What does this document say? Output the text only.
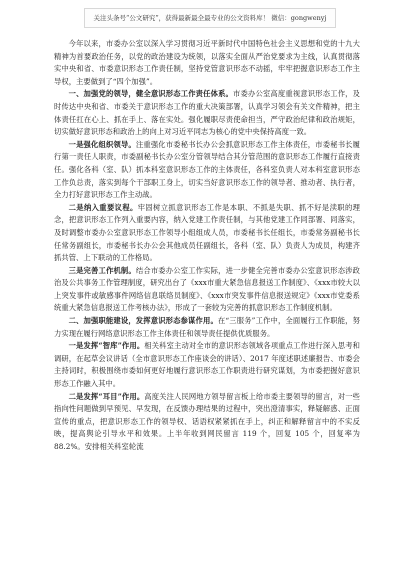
关注头条号“公文研究”，获得最新最全最专业的公文资料库！ 微信：gongwenyj

今年以来，市委办公室以深入学习贯彻习近平新时代中国特色社会主义思想和党的十九大精神为首要政治任务，以党的政治建设为统领，以落实全面从严治党要求为主线，认真贯彻落实中央和省、市委意识形态工作责任制，坚持党管意识形态不动摇，牢牢把握意识形态工作主导权，主要做到了“四个加强”。

一、加强党的领导，健全意识形态工作责任体系。市委办公室高度重视意识形态工作，及时传达中央和省、市委关于意识形态工作的重大决策部署，认真学习领会有关文件精神，把主体责任扛在心上、抓在手上、落在实处。强化履职尽责使命担当，严守政治纪律和政治规矩，切实做好意识形态和政治上的向上对习近平同志为核心的党中央保持高度一致。

一是强化组织领导。注重强化市委秘书长办公会抓意识形态工作主体责任，市委秘书长履行第一责任人职责，市委副秘书长办公室分管领导结合其分管范围的意识形态工作履行直接责任。强化各科（室、队）抓本科室意识形态工作的主体责任，各科室负责人对本科室意识形态工作负总责，落实到每个干部职工身上，切实当好意识形态工作的领导者、推动者、执行者，全力打好意识形态工作主动战。

二是纳入重要议程。牢固树立抓意识形态工作是本职、不抓是失职、抓不好是渎职的理念，把意识形态工作列入重要内容，纳入党建工作责任制，与其他党建工作同部署、同落实，及时调整市委办公室意识形态工作领导小组组成人员，市委秘书长任组长，市委常务副秘书长任常务副组长，市委秘书长办公会其他成员任副组长，各科（室、队）负责人为成员，构建齐抓共管、上下联动的工作格局。

三是完善工作机制。结合市委办公室工作实际，进一步健全完善市委办公室意识形态涉政治及公共事务工作管理制度，研究出台了《xxx市重大紧急信息报送工作制度》、《xxx市较大以上突发事件或敏感事件网络信息联络员制度》、《xxx市突发事件信息报送规定》《xxx市党委系统重大紧急信息报送工作考核办法》，形成了一套较为完善的抓意识形态工作制度机制。

二、加强职能建设，发挥意识形态参谋作用。在“三服务”工作中，全面履行工作职能，努力实现在履行网络意识形态工作主体责任和领导责任提供优质服务。

一是发挥“智库”作用。相关科室主动对全市的意识形态领域各项重点工作进行深入思考和调研，在起草会议讲话（全市意识形态工作座谈会的讲话）、2017 年度述职述廉报告、市委会主持词时，积极围绕市委如何更好地履行意识形态工作职责进行研究谋划，为市委把握好意识形态工作融入其中。

二是发挥“耳目”作用。高度关注人民网地方领导留言板上给市委主要领导的留言，对一些指向性问题做到早预见、早发现，在反馈办理结果的过程中，突出澄清事实，释疑解惑、正面宣传的重点，把意识形态工作的领导权、话语权紧紧抓在手上，纠正和解释留言中的不实反映，提高舆论引导水平和效果。上半年收到网民留言 119 个，回复 105 个，回复率为 88.2%。安排相关科室轮流
